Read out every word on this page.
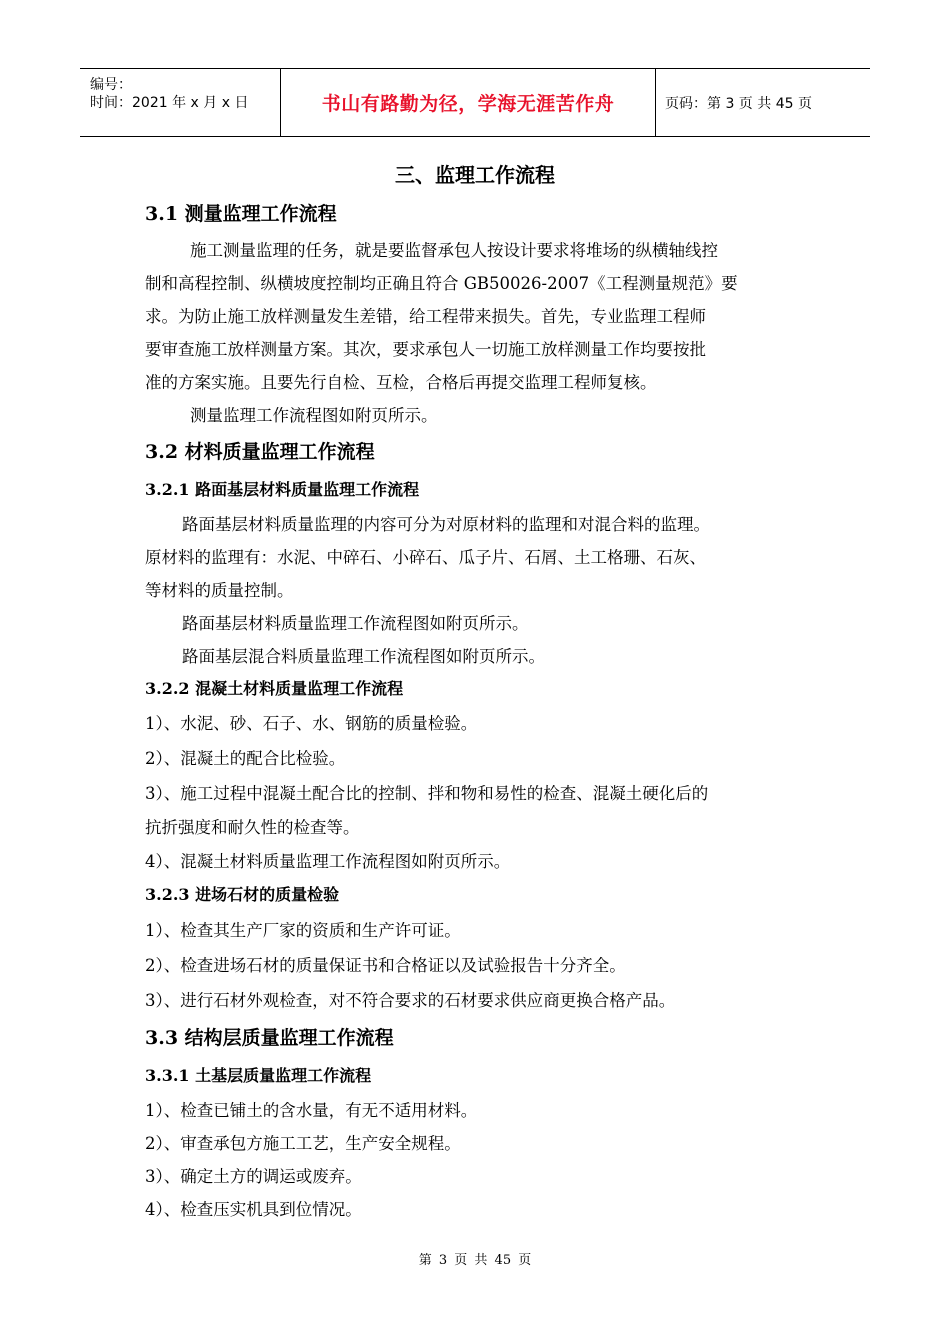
编号：
时间：2021 年 x 月 x 日	书山有路勤为径，学海无涯苦作舟	页码：第 3 页 共 45 页
三、监理工作流程
3.1 测量监理工作流程
施工测量监理的任务，就是要监督承包人按设计要求将堆场的纵横轴线控
制和高程控制、纵横坡度控制均正确且符合 GB50026-2007《工程测量规范》要
求。为防止施工放样测量发生差错，给工程带来损失。首先，专业监理工程师
要审查施工放样测量方案。其次，要求承包人一切施工放样测量工作均要按批
准的方案实施。且要先行自检、互检，合格后再提交监理工程师复核。
测量监理工作流程图如附页所示。
3.2 材料质量监理工作流程
3.2.1 路面基层材料质量监理工作流程
路面基层材料质量监理的内容可分为对原材料的监理和对混合料的监理。
原材料的监理有：水泥、中碎石、小碎石、瓜子片、石屑、土工格珊、石灰、
等材料的质量控制。
路面基层材料质量监理工作流程图如附页所示。
路面基层混合料质量监理工作流程图如附页所示。
3.2.2 混凝土材料质量监理工作流程
1）、水泥、砂、石子、水、钢筋的质量检验。
2）、混凝土的配合比检验。
3）、施工过程中混凝土配合比的控制、拌和物和易性的检查、混凝土硬化后的
抗折强度和耐久性的检查等。
4）、混凝土材料质量监理工作流程图如附页所示。
3.2.3 进场石材的质量检验
1）、检查其生产厂家的资质和生产许可证。
2）、检查进场石材的质量保证书和合格证以及试验报告十分齐全。
3）、进行石材外观检查，对不符合要求的石材要求供应商更换合格产品。
3.3 结构层质量监理工作流程
3.3.1 土基层质量监理工作流程
1）、检查已铺土的含水量，有无不适用材料。
2）、审查承包方施工工艺，生产安全规程。
3）、确定土方的调运或废弃。
4）、检查压实机具到位情况。
第 3 页 共 45 页
